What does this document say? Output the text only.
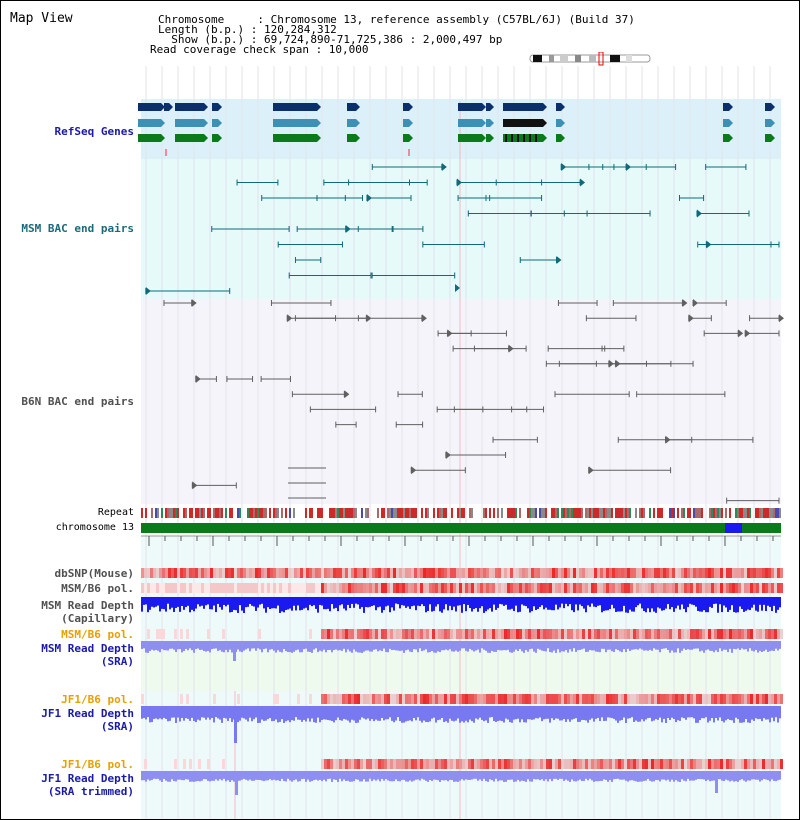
Map View	Chromosome     : Chromosome 13, reference assembly (C57BL/6J) (Build 37)
Length (b.p.) : 120,284,312
Show (b.p.) : 69,724,890-71,725,386 : 2,000,497 bp
Read coverage check span : 10,000
RefSeq Genes
MSM BAC end pairs
B6N BAC end pairs
Repeat
chromosome 13
dbSNP(Mouse)
MSM/B6 pol.
MSM Read Depth
(Capillary)
MSM/B6 pol.
MSM Read Depth
(SRA)
JF1/B6 pol.
JF1 Read Depth
(SRA)
JF1/B6 pol.
JF1 Read Depth
(SRA trimmed)
